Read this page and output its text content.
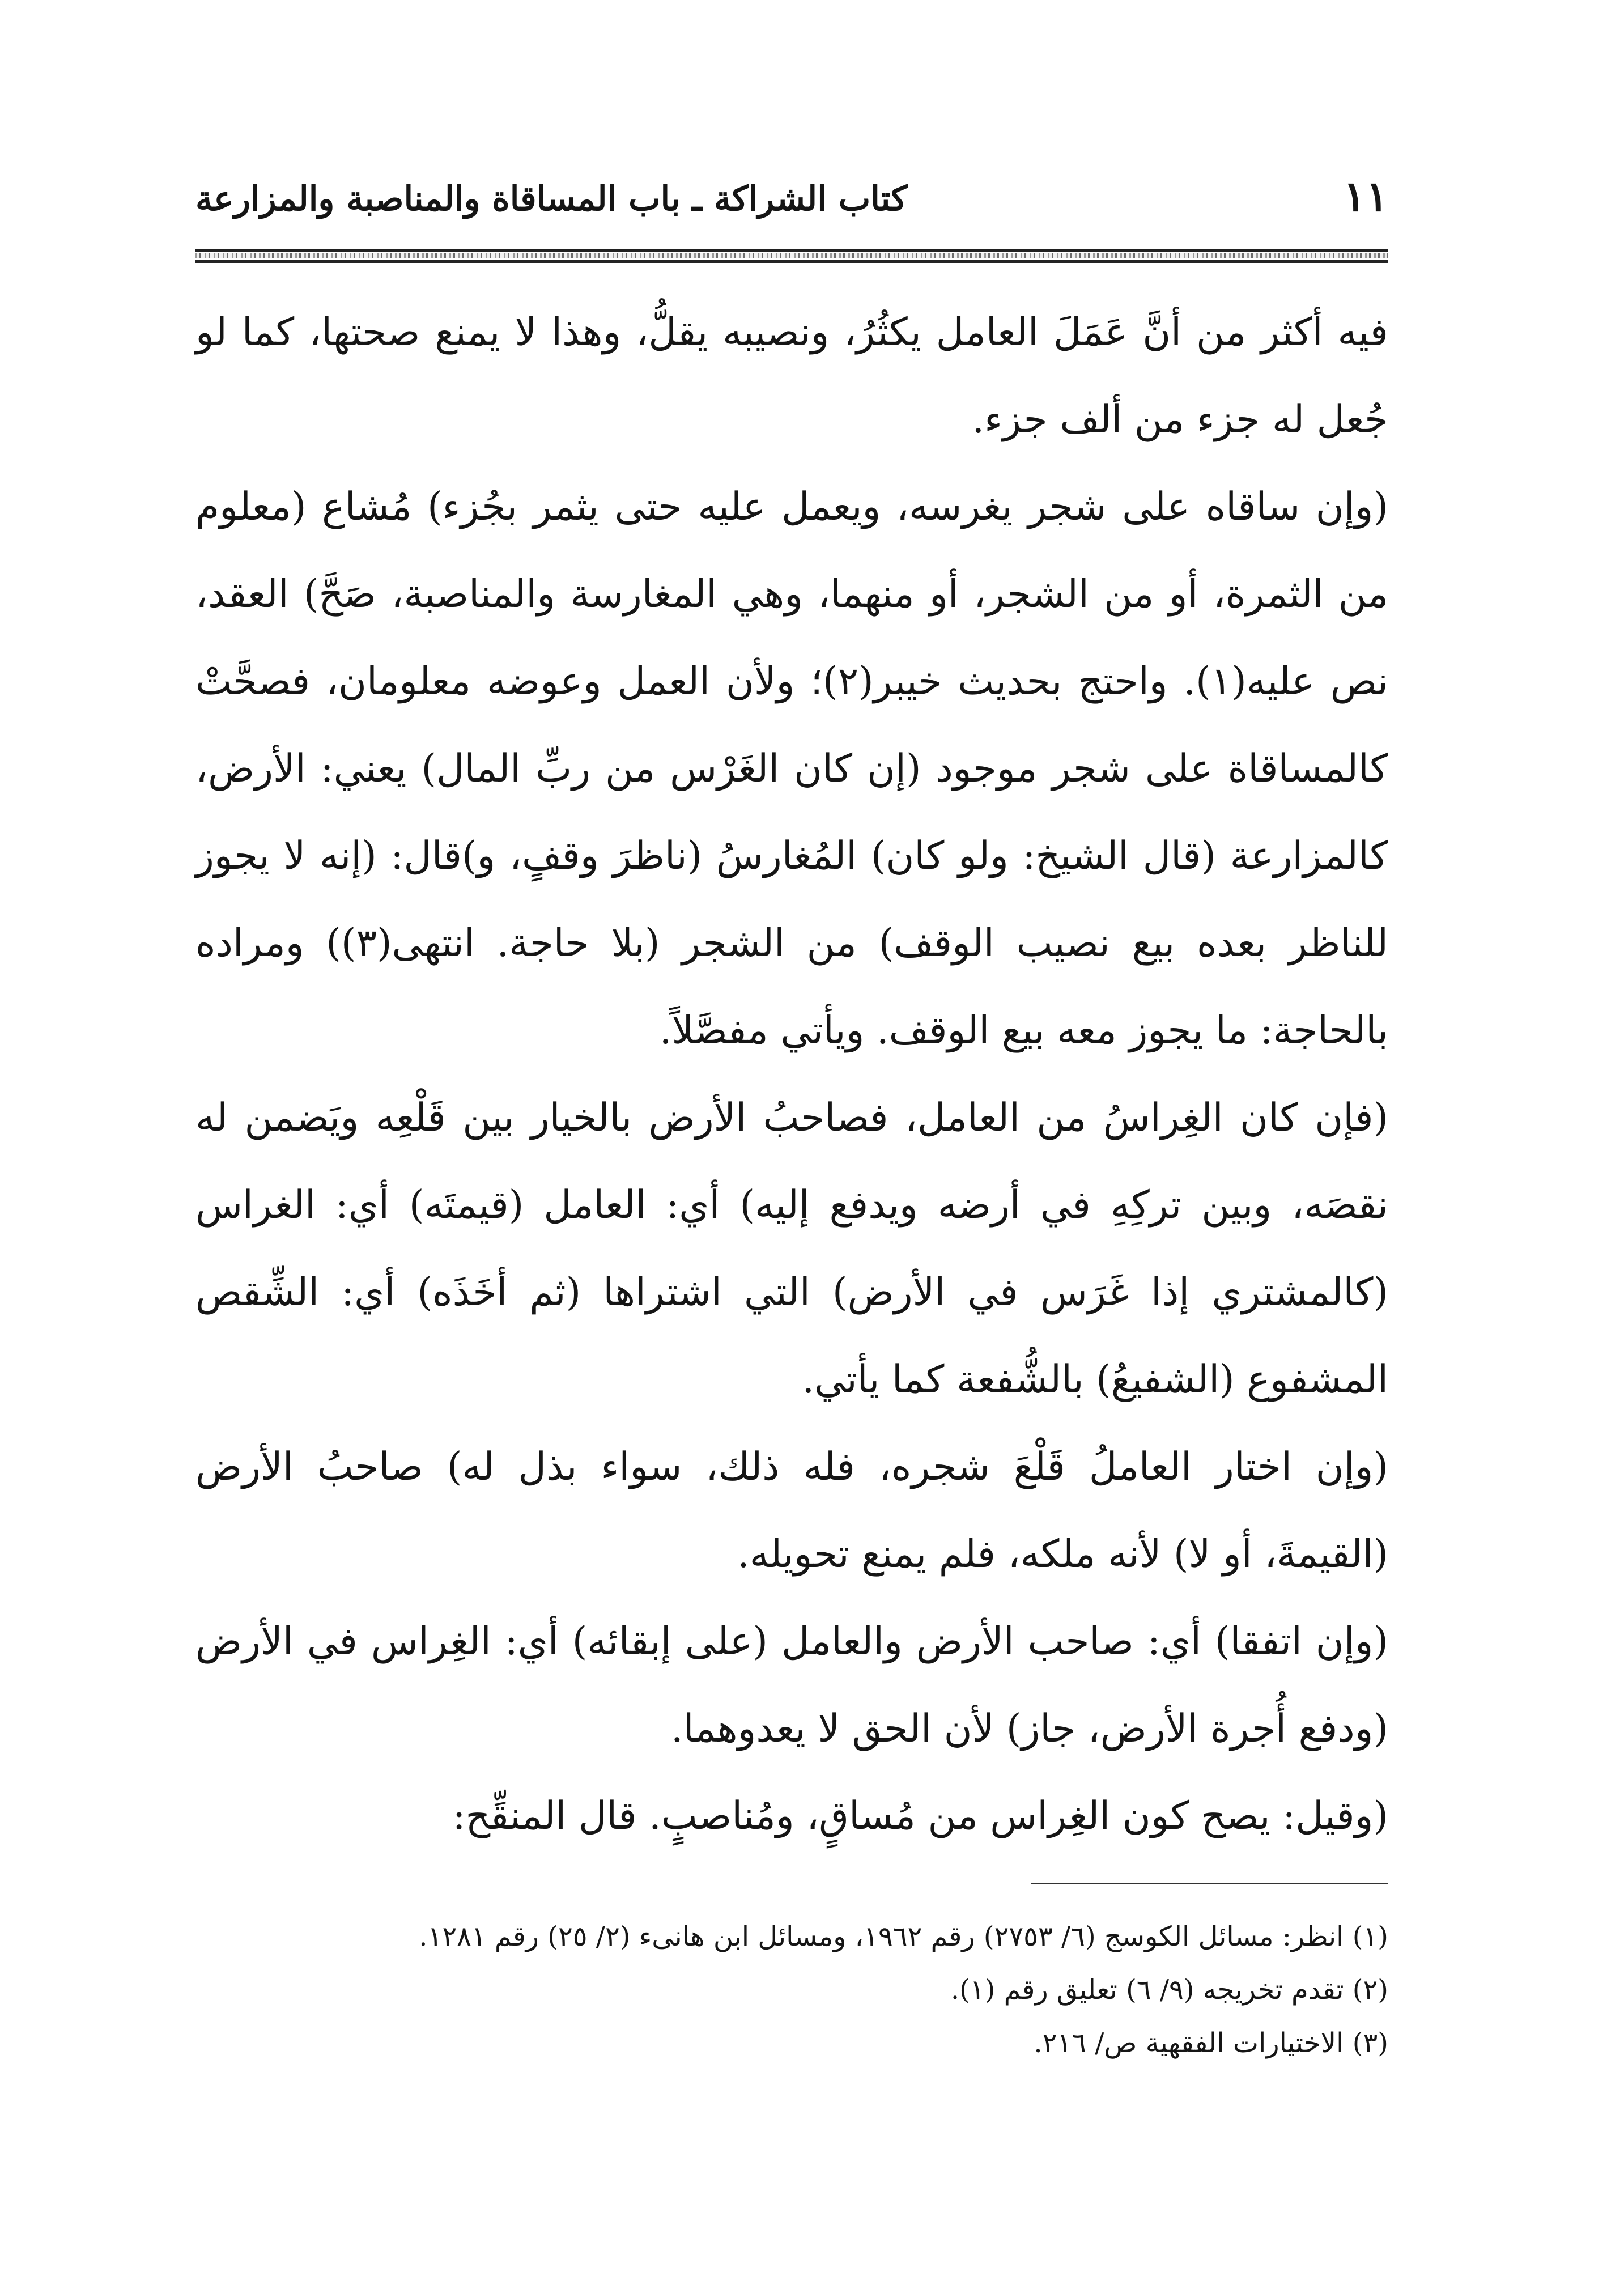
١١
كتاب الشراكة ـ باب المساقاة والمناصبة والمزارعة

فيه أكثر من أنَّ عَمَلَ العامل يكثُرُ، ونصيبه يقلُّ، وهذا لا يمنع صحتها، كما لو جُعل له جزء من ألف جزء.

(وإن ساقاه على شجر يغرسه، ويعمل عليه حتى يثمر بجُزء) مُشاع (معلوم من الثمرة، أو من الشجر، أو منهما، وهي المغارسة والمناصبة، صَحَّ) العقد، نص عليه(١). واحتج بحديث خيبر(٢)؛ ولأن العمل وعوضه معلومان، فصحَّتْ كالمساقاة على شجر موجود (إن كان الغَرْس من ربِّ المال) يعني: الأرض، كالمزارعة (قال الشيخ: ولو كان) المُغارسُ (ناظرَ وقفٍ، و)قال: (إنه لا يجوز للناظر بعده بيع نصيب الوقف) من الشجر (بلا حاجة. انتهى(٣)) ومراده بالحاجة: ما يجوز معه بيع الوقف. ويأتي مفصَّلاً.

(فإن كان الغِراسُ من العامل، فصاحبُ الأرض بالخيار بين قَلْعِه ويَضمن له نقصَه، وبين تركِهِ في أرضه ويدفع إليه) أي: العامل (قيمتَه) أي: الغراس (كالمشتري إذا غَرَس في الأرض) التي اشتراها (ثم أخَذَه) أي: الشِّقص المشفوع (الشفيعُ) بالشُّفعة كما يأتي.

(وإن اختار العاملُ قَلْعَ شجره، فله ذلك، سواء بذل له) صاحبُ الأرض (القيمةَ، أو لا) لأنه ملكه، فلم يمنع تحويله.

(وإن اتفقا) أي: صاحب الأرض والعامل (على إبقائه) أي: الغِراس في الأرض (ودفع أُجرة الأرض، جاز) لأن الحق لا يعدوهما.

(وقيل: يصح كون الغِراس من مُساقٍ، ومُناصبٍ. قال المنقِّح:

(١) انظر: مسائل الكوسج (٦/ ٢٧٥٣) رقم ١٩٦٢، ومسائل ابن هانىء (٢/ ٢٥) رقم ١٢٨١.

(٢) تقدم تخريجه (٩/ ٦) تعليق رقم (١).

(٣) الاختيارات الفقهية ص/ ٢١٦.
